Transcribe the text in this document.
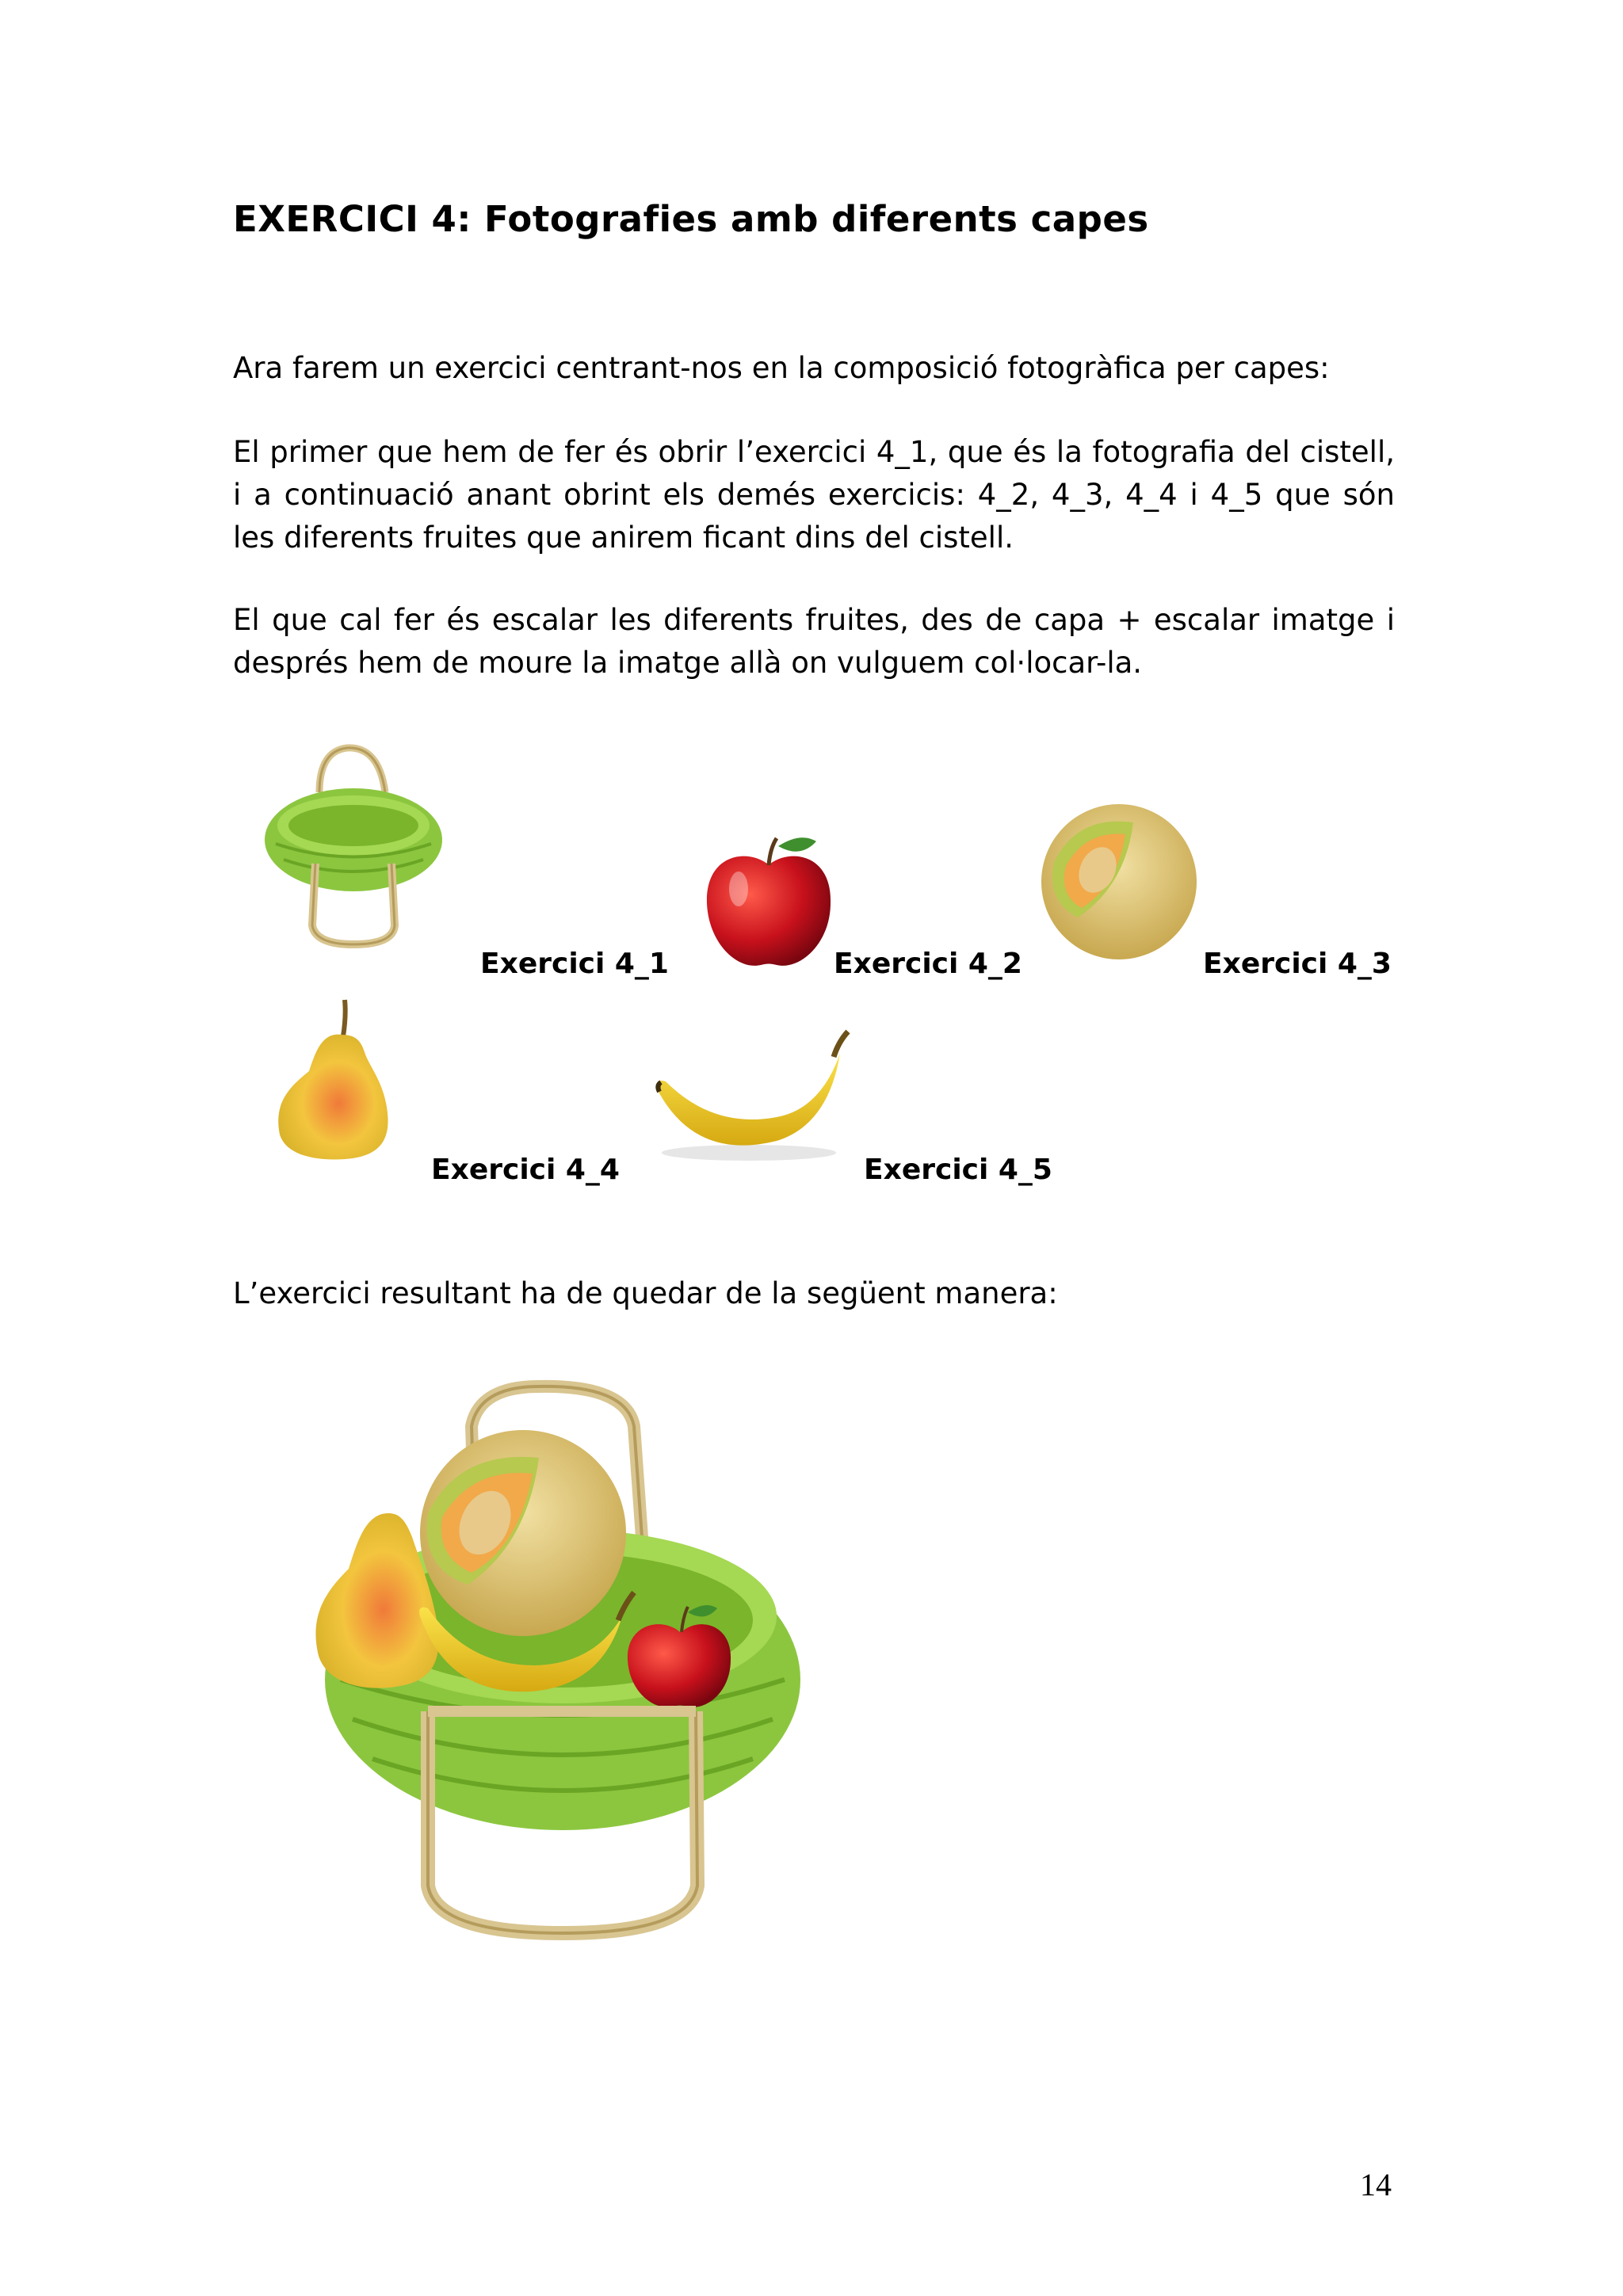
EXERCICI 4: Fotografies amb diferents capes

Ara farem un exercici centrant-nos en la composició fotogràfica per capes:

El primer que hem de fer és obrir l’exercici 4_1, que és la fotografia del cistell, i a continuació anant obrint els demés exercicis: 4_2, 4_3, 4_4 i 4_5 que són les diferents fruites que anirem ficant dins del cistell.

El que cal fer és escalar les diferents fruites, des de capa + escalar imatge i després hem de moure la imatge allà on vulguem col·locar-la.

Exercici 4_1	Exercici 4_2	Exercici 4_3
Exercici 4_4	Exercici 4_5

L’exercici resultant ha de quedar de la següent manera:

14
